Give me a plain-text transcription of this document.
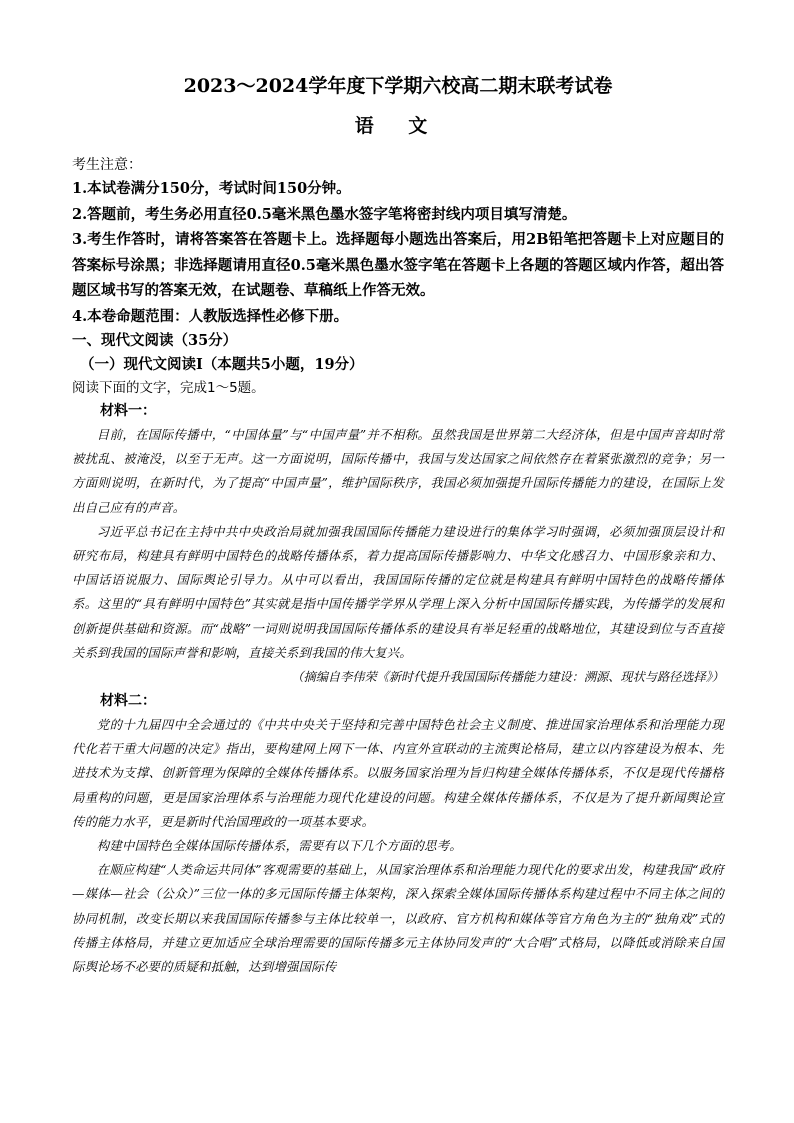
2023～2024学年度下学期六校高二期末联考试卷
语 文
考生注意：
1.本试卷满分150分，考试时间150分钟。
2.答题前，考生务必用直径0.5毫米黑色墨水签字笔将密封线内项目填写清楚。
3.考生作答时，请将答案答在答题卡上。选择题每小题选出答案后，用2B铅笔把答题卡上对应题目的答案标号涂黑；非选择题请用直径0.5毫米黑色墨水签字笔在答题卡上各题的答题区域内作答，超出答题区域书写的答案无效，在试题卷、草稿纸上作答无效。
4.本卷命题范围：人教版选择性必修下册。
一、现代文阅读（35分）
（一）现代文阅读Ⅰ（本题共5小题，19分）
阅读下面的文字，完成1～5题。
材料一：

目前，在国际传播中，“中国体量”与“中国声量”并不相称。虽然我国是世界第二大经济体，但是中国声音却时常被扰乱、被淹没，以至于无声。这一方面说明，国际传播中，我国与发达国家之间依然存在着紧张激烈的竞争；另一方面则说明，在新时代，为了提高“中国声量”，维护国际秩序，我国必须加强提升国际传播能力的建设，在国际上发出自己应有的声音。

习近平总书记在主持中共中央政治局就加强我国国际传播能力建设进行的集体学习时强调，必须加强顶层设计和研究布局，构建具有鲜明中国特色的战略传播体系，着力提高国际传播影响力、中华文化感召力、中国形象亲和力、中国话语说服力、国际舆论引导力。从中可以看出，我国国际传播的定位就是构建具有鲜明中国特色的战略传播体系。这里的“具有鲜明中国特色”其实就是指中国传播学学界从学理上深入分析中国国际传播实践，为传播学的发展和创新提供基础和资源。而“战略”一词则说明我国国际传播体系的建设具有举足轻重的战略地位，其建设到位与否直接关系到我国的国际声誉和影响，直接关系到我国的伟大复兴。

（摘编自李伟荣《新时代提升我国国际传播能力建设：溯源、现状与路径选择》）
材料二：

党的十九届四中全会通过的《中共中央关于坚持和完善中国特色社会主义制度、推进国家治理体系和治理能力现代化若干重大问题的决定》指出，要构建网上网下一体、内宣外宣联动的主流舆论格局，建立以内容建设为根本、先进技术为支撑、创新管理为保障的全媒体传播体系。以服务国家治理为旨归构建全媒体传播体系，不仅是现代传播格局重构的问题，更是国家治理体系与治理能力现代化建设的问题。构建全媒体传播体系，不仅是为了提升新闻舆论宣传的能力水平，更是新时代治国理政的一项基本要求。

构建中国特色全媒体国际传播体系，需要有以下几个方面的思考。

在顺应构建“人类命运共同体”客观需要的基础上，从国家治理体系和治理能力现代化的要求出发，构建我国“政府—媒体—社会（公众）”三位一体的多元国际传播主体架构，深入探索全媒体国际传播体系构建过程中不同主体之间的协同机制，改变长期以来我国国际传播参与主体比较单一，以政府、官方机构和媒体等官方角色为主的“独角戏”式的传播主体格局，并建立更加适应全球治理需要的国际传播多元主体协同发声的“大合唱”式格局，以降低或消除来自国际舆论场不必要的质疑和抵触，达到增强国际传
